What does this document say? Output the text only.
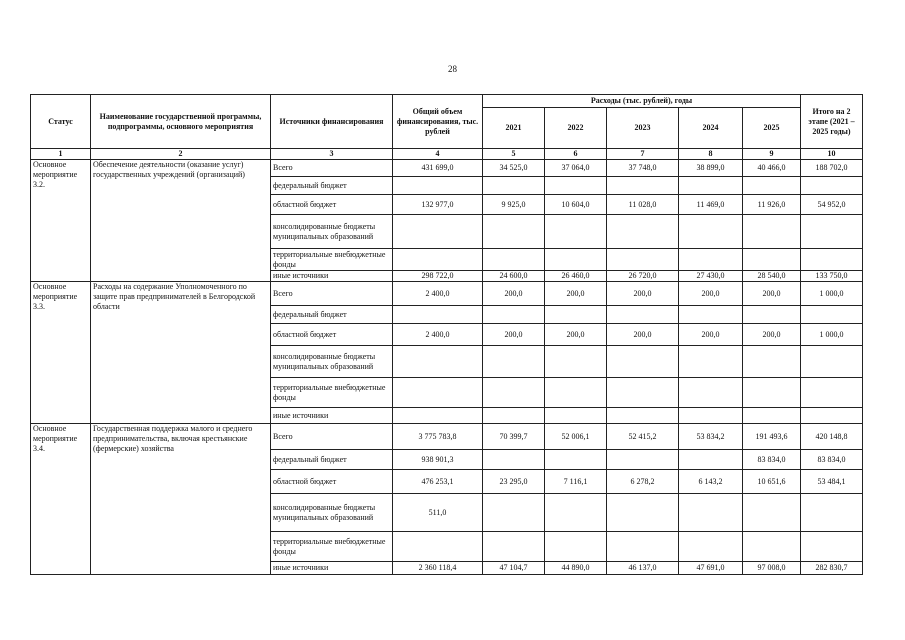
28
Статус	Наименование государственной программы, подпрограммы, основного мероприятия	Источники финансирования	Общий объем финансирования, тыс. рублей	Расходы (тыс. рублей), годы					Итого на 2 этапе (2021 – 2025 годы)
				2021	2022	2023	2024	2025	
1	2	3	4	5	6	7	8	9	10
Основное мероприятие 3.2.	Обеспечение деятельности (оказание услуг) государственных учреждений (организаций)	Всего	431 699,0	34 525,0	37 064,0	37 748,0	38 899,0	40 466,0	188 702,0
		федеральный бюджет							
		областной бюджет	132 977,0	9 925,0	10 604,0	11 028,0	11 469,0	11 926,0	54 952,0
		консолидированные бюджеты муниципальных образований							
		территориальные внебюджетные фонды							
		иные источники	298 722,0	24 600,0	26 460,0	26 720,0	27 430,0	28 540,0	133 750,0
Основное мероприятие 3.3.	Расходы на содержание Уполномоченного по защите прав предпринимателей в Белгородской области	Всего	2 400,0	200,0	200,0	200,0	200,0	200,0	1 000,0
		федеральный бюджет							
		областной бюджет	2 400,0	200,0	200,0	200,0	200,0	200,0	1 000,0
		консолидированные бюджеты муниципальных образований							
		территориальные внебюджетные фонды							
		иные источники							
Основное мероприятие 3.4.	Государственная поддержка малого и среднего предпринимательства, включая крестьянские (фермерские) хозяйства	Всего	3 775 783,8	70 399,7	52 006,1	52 415,2	53 834,2	191 493,6	420 148,8
		федеральный бюджет	938 901,3					83 834,0	83 834,0
		областной бюджет	476 253,1	23 295,0	7 116,1	6 278,2	6 143,2	10 651,6	53 484,1
		консолидированные бюджеты муниципальных образований	511,0						
		территориальные внебюджетные фонды							
		иные источники	2 360 118,4	47 104,7	44 890,0	46 137,0	47 691,0	97 008,0	282 830,7
